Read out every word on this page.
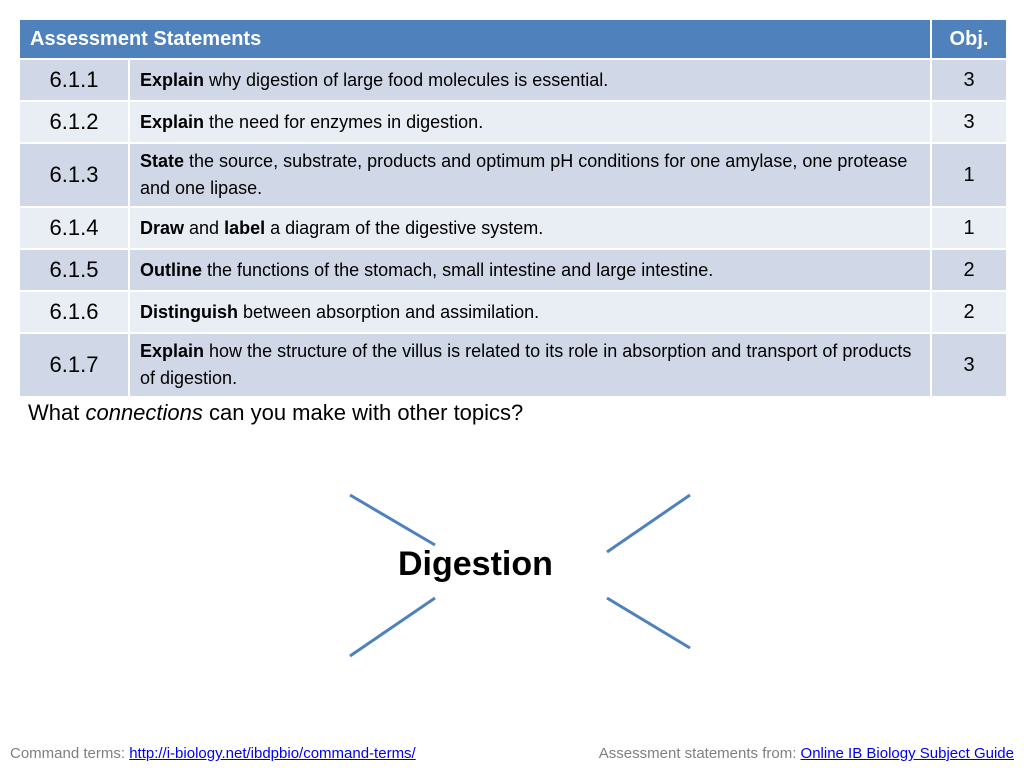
Assessment Statements		Obj.
6.1.1	Explain why digestion of large food molecules is essential.	3
6.1.2	Explain the need for enzymes in digestion.	3
6.1.3	State the source, substrate, products and optimum pH conditions for one amylase, one protease and one lipase.	1
6.1.4	Draw and label a diagram of the digestive system.	1
6.1.5	Outline the functions of the stomach, small intestine and large intestine.	2
6.1.6	Distinguish between absorption and assimilation.	2
6.1.7	Explain how the structure of the villus is related to its role in absorption and transport of products of digestion.	3
What connections can you make with other topics?
Digestion
Command terms: http://i-biology.net/ibdpbio/command-terms/	Assessment statements from: Online IB Biology Subject Guide
